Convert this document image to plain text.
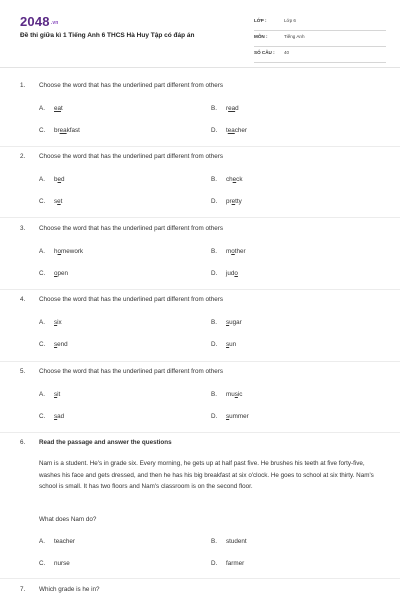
$2048^{.vn}$
Đề thi giữa kì 1 Tiếng Anh 6 THCS Hà Huy Tập có đáp án
LỚP :	Lớp 6
MÔN :	Tiếng Anh
SỐ CÂU : 40
1. Choose the word that has the underlined part different from others
A. eat	B. read
C. breakfast	D. teacher
2. Choose the word that has the underlined part different from others
A. bed	B. check
C. set	D. pretty
3. Choose the word that has the underlined part different from others
A. homework	B. mother
C. open	D. judo
4. Choose the word that has the underlined part different from others
A. six	B. sugar
C. send	D. sun
5. Choose the word that has the underlined part different from others
A. sit	B. music
C. sad	D. summer
6. Read the passage and answer the questions
Nam is a student. He's in grade six. Every morning, he gets up at half past five. He brushes his teeth at five forty-five, washes his face and gets dressed, and then he has his big breakfast at six o'clock. He goes to school at six thirty. Nam's school is small. It has two floors and Nam's classroom is on the second floor.
What does Nam do?
A. teacher	B. student
C. nurse	D. farmer
7. Which grade is he in?
